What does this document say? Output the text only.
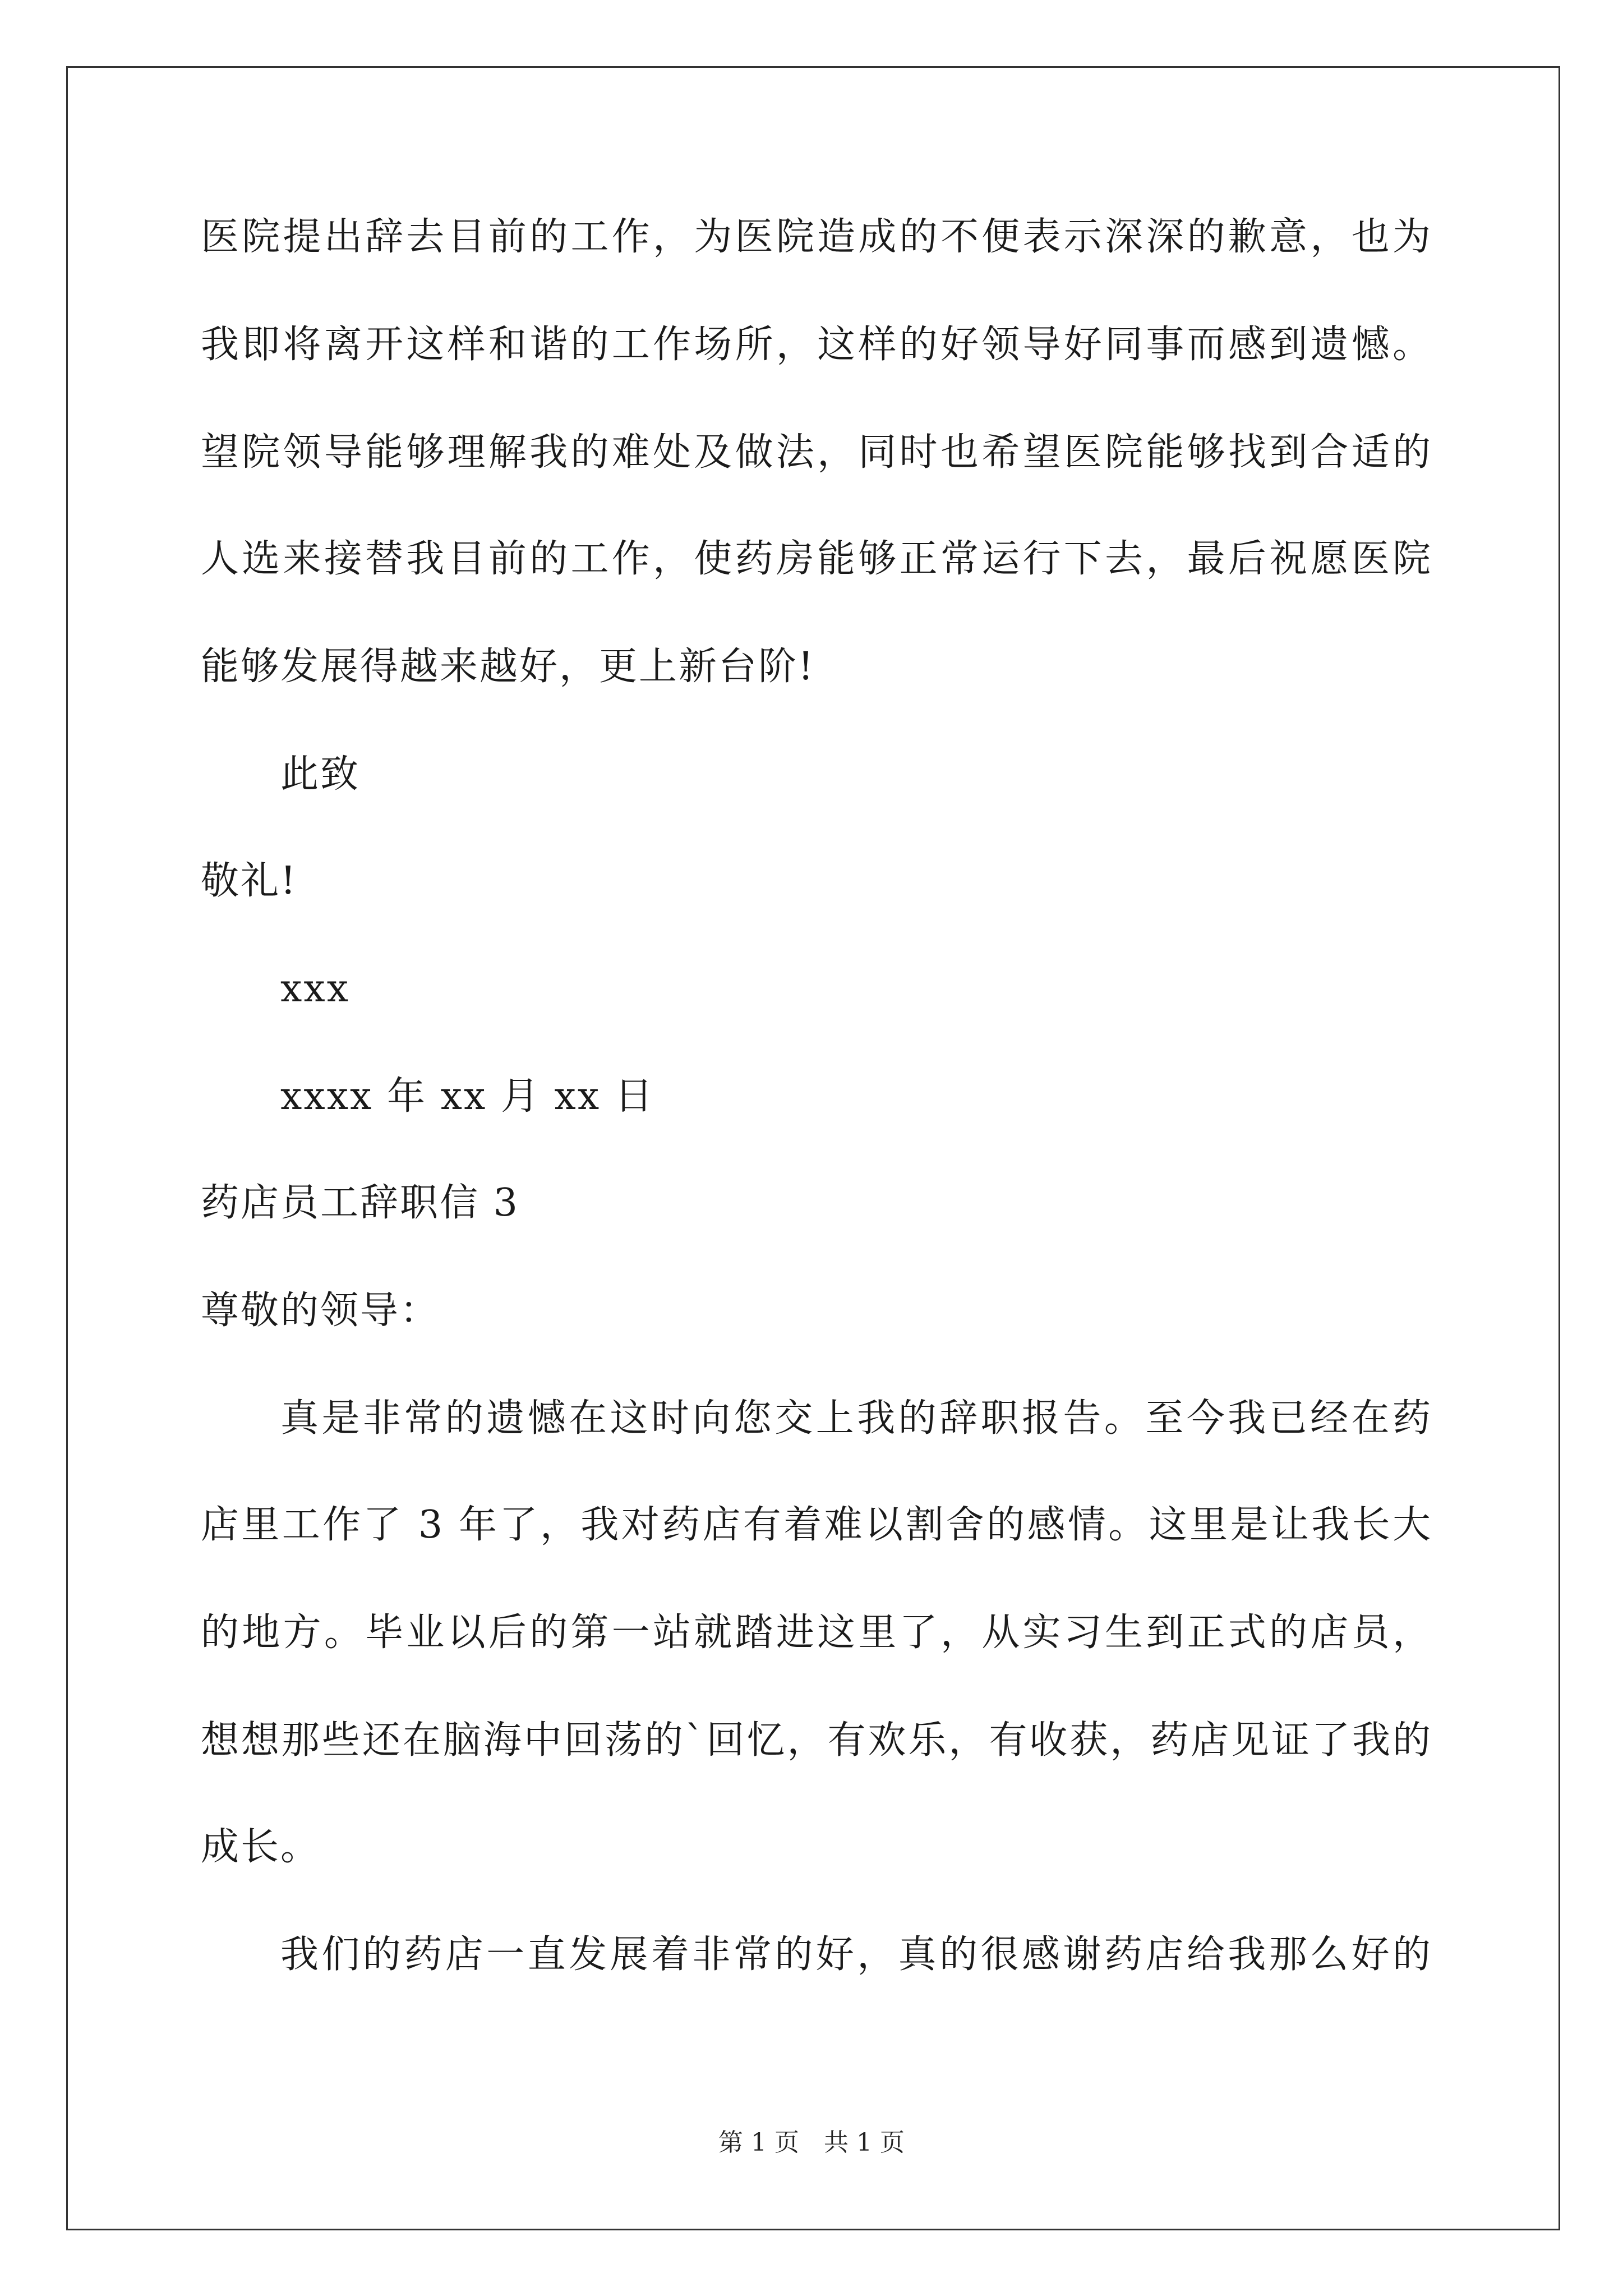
医院提出辞去目前的工作，为医院造成的不便表示深深的歉意，也为
我即将离开这样和谐的工作场所，这样的好领导好同事而感到遗憾。
望院领导能够理解我的难处及做法，同时也希望医院能够找到合适的
人选来接替我目前的工作，使药房能够正常运行下去，最后祝愿医院
能够发展得越来越好，更上新台阶!
此致
敬礼!
xxx
xxxx 年 xx 月 xx 日
药店员工辞职信 3
尊敬的领导：
真是非常的遗憾在这时向您交上我的辞职报告。至今我已经在药
店里工作了 3 年了，我对药店有着难以割舍的感情。这里是让我长大
的地方。毕业以后的第一站就踏进这里了，从实习生到正式的店员，
想想那些还在脑海中回荡的`回忆，有欢乐，有收获，药店见证了我的
成长。
我们的药店一直发展着非常的好，真的很感谢药店给我那么好的
第 1 页 共 1 页
